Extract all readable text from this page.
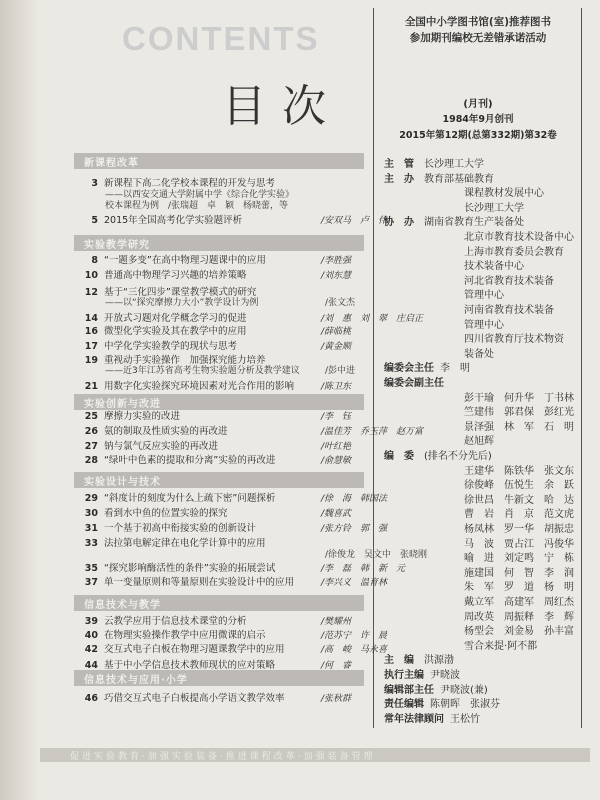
CONTENTS
目次
全国中小学图书馆(室)推荐图书
参加期刊编校无差错承诺活动
(月刊)
1984年9月创刊
2015年第12期(总第332期)第32卷
主　管 长沙理工大学
主　办 教育部基础教育
课程教材发展中心
长沙理工大学
协　办 湖南省教育生产装备处
北京市教育技术设备中心
上海市教育委员会教育
技术装备中心
河北省教育技术装备
管理中心
河南省教育技术装备
管理中心
四川省教育厅技术物资
装备处
编委会主任 李　明
编委会副主任
彭干瑜　何升华　丁书林
竺建伟　郭君保　彭红光
景泽强　林　军　石　明
赵旭辉
编　委 (排名不分先后)
王建华　陈铁华　张文东
徐俊峰　伍悦生　余　跃
徐世昌　牛新文　哈　达
曹　岩　肖　京　范文虎
杨凤林　罗一华　胡振忠
马　波　贾占江　冯俊华
喻　进　刘定鸣　宁　栋
施建国　何　智　李　润
朱　军　罗　道　杨　明
戴立军　高建军　周红杰
周改英　周振释　李　辉
杨型会　刘金易　孙丰富
雪合来提·阿不都
主　编 洪源渤
执行主编 尹晓波
编辑部主任 尹晓波(兼)
责任编辑 陈朝晖　张淑芬
常年法律顾问 王松竹
新课程改革
实验教学研究
实验创新与改进
实验设计与技术
信息技术与教学
信息技术与应用·小学
3 新课程下高二化学校本课程的开发与思考
——以西安交通大学附属中学《综合化学实验》
校本课程为例　/张瑞超　卓　颖　杨晓蕾，等
5 2015年全国高考化学实验题评析	/安双马　卢　伟
8 “一题多变”在高中物理习题课中的应用	/李胜强
10 普通高中物理学习兴趣的培养策略	/刘东慧
12 基于“三化四步”课堂教学模式的研究
——以“探究摩擦力大小”教学设计为例	/张文杰
14 开放式习题对化学概念学习的促进	/刘　惠　刘　翠　庄启正
16 微型化学实验及其在教学中的应用	/薛临桃
17 中学化学实验教学的现状与思考	/黄金顺
19 重视动手实验操作　加强探究能力培养
——近3年江苏省高考生物实验题分析及教学建议	/彭中进
21 用数字化实验探究环境因素对光合作用的影响	/陈卫东
25 摩擦力实验的改进	/李　钰
26 氨的制取及性质实验的再改进	/温佳芳　乔玉萍　赵万富
27 钠与氯气反应实验的再改进	/叶红艳
28 “绿叶中色素的提取和分离”实验的再改进	/俞慧敏
29 “斜度计的刻度为什么上疏下密”问题探析	/徐　海　韩国法
30 看到水中鱼的位置实验的探究	/魏喜武
31 一个基于初高中衔接实验的创新设计	/张方铃　郭　强
33 法拉第电解定律在电化学计算中的应用
/徐俊龙　吴文中　张晓刚
35 “探究影响酶活性的条件”实验的拓展尝试	/李　磊　韩　新　元
37 单一变量原则和等量原则在实验设计中的应用	/李兴义　温育林
39 云教学应用于信息技术课堂的分析	/樊耀州
40 在物理实验操作教学中应用微课的启示	/范苏宁　许　晨
42 交互式电子白板在物理习题课教学中的应用	/高　峻　马永喜
44 基于中小学信息技术教师现状的应对策略	/何　睿
46 巧借交互式电子白板提高小学语文教学效率	/张秋群
促进实验教育·加强实验装备·推进课程改革·加强装备管理
